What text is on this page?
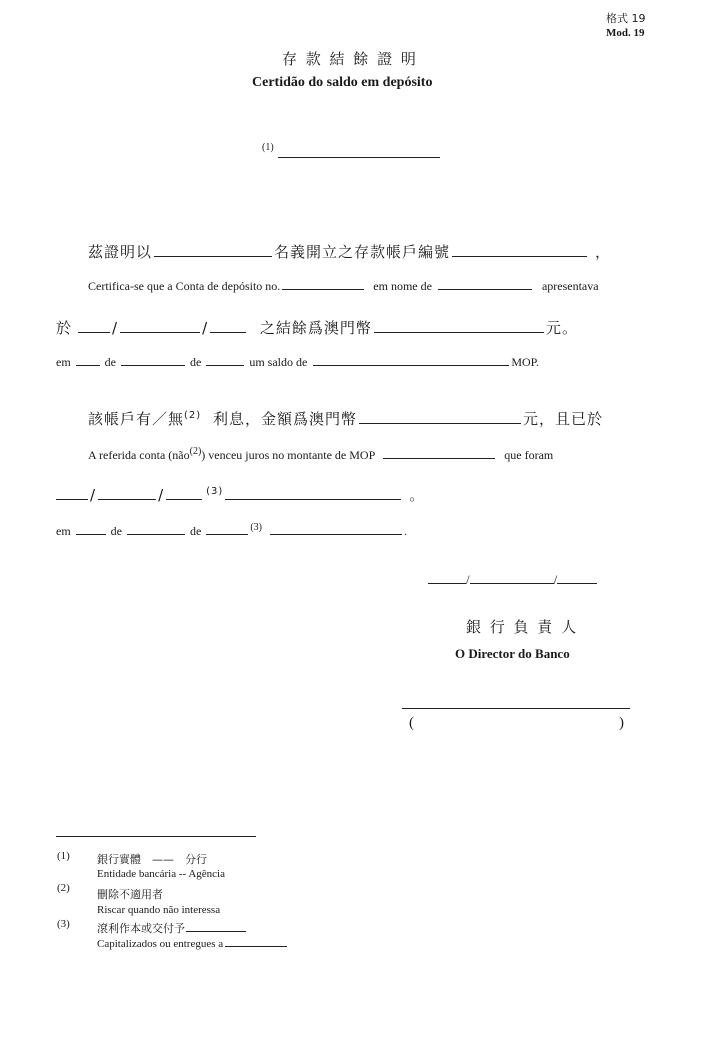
格式 19
Mod. 19
存 款 結 餘 證 明
Certidão do saldo em depósito
(1)
茲證明以	名義開立之存款帳戶編號	，
Certifica-se que a Conta de depósito no.	em nome de	apresentava
於	/	/	之結餘爲澳門幣	元。
em	de	de	um saldo de	MOP.
該帳戶有／無$^{(2)}$ 利息，金額爲澳門幣	元，且已於
A referida conta (não$^{(2)}$) venceu juros no montante de MOP	que foram
/	/	$^{(3)}$	。
em	de	de	$^{(3)}$	.
/	/
銀 行 負 責 人
O Director do Banco
(	)
(1) 銀行實體　——　分行
Entidade bancária -- Agência
(2) 刪除不適用者
Riscar quando não interessa
(3) 滾利作本或交付予
Capitalizados ou entregues a
